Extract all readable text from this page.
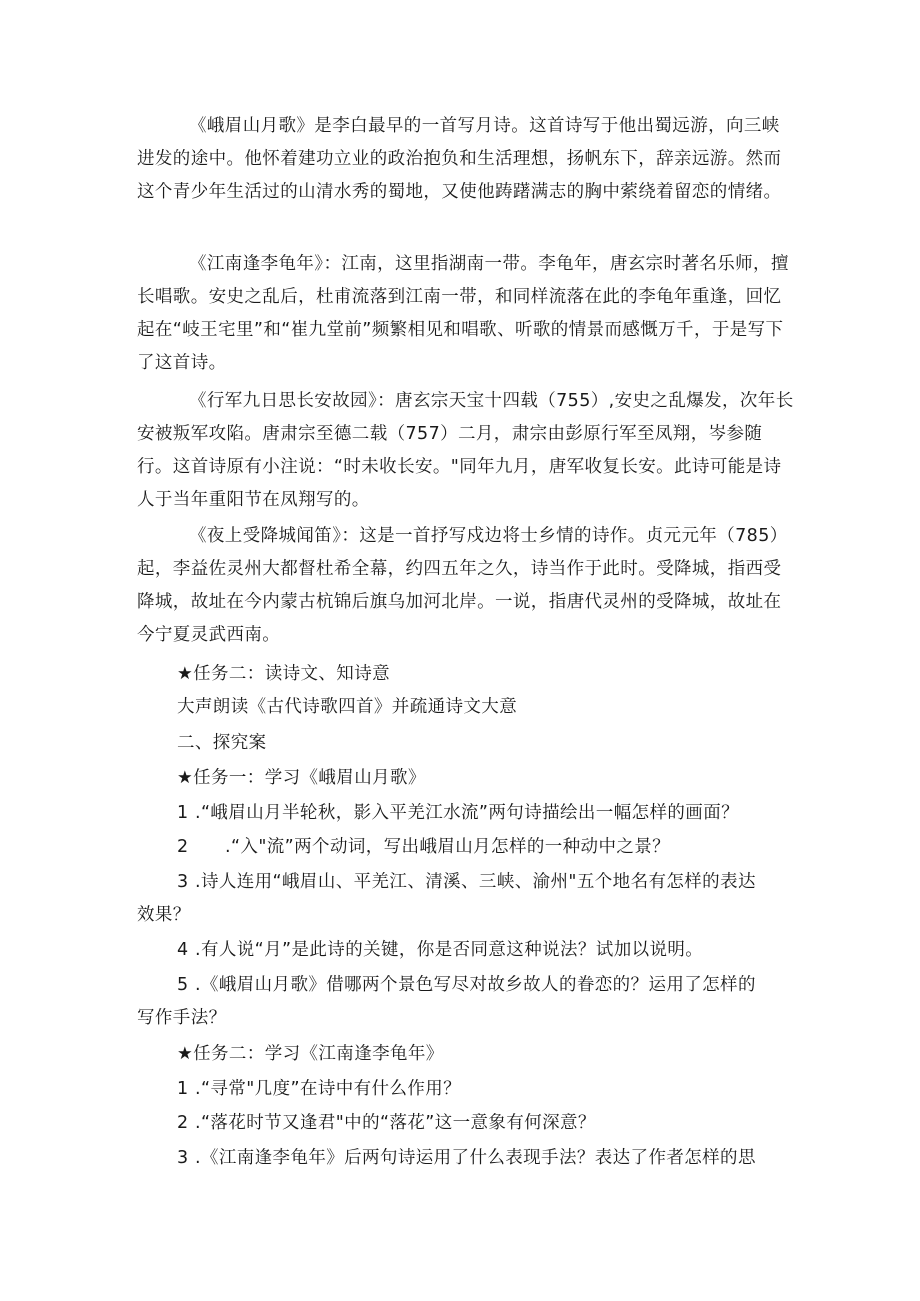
《峨眉山月歌》是李白最早的一首写月诗。这首诗写于他出蜀远游，向三峡进发的途中。他怀着建功立业的政治抱负和生活理想，扬帆东下，辞亲远游。然而这个青少年生活过的山清水秀的蜀地，又使他踌躇满志的胸中萦绕着留恋的情绪。

《江南逢李龟年》：江南，这里指湖南一带。李龟年，唐玄宗时著名乐师，擅长唱歌。安史之乱后，杜甫流落到江南一带，和同样流落在此的李龟年重逢，回忆起在“岐王宅里”和“崔九堂前”频繁相见和唱歌、听歌的情景而感慨万千，于是写下了这首诗。

《行军九日思长安故园》：唐玄宗天宝十四载（755）,安史之乱爆发，次年长安被叛军攻陷。唐肃宗至德二载（757）二月，肃宗由彭原行军至凤翔，岑参随行。这首诗原有小注说：“时未收长安。"同年九月，唐军收复长安。此诗可能是诗人于当年重阳节在凤翔写的。

《夜上受降城闻笛》：这是一首抒写戍边将士乡情的诗作。贞元元年（785）起，李益佐灵州大都督杜希全幕，约四五年之久，诗当作于此时。受降城，指西受降城，故址在今内蒙古杭锦后旗乌加河北岸。一说，指唐代灵州的受降城，故址在今宁夏灵武西南。

★任务二：读诗文、知诗意

大声朗读《古代诗歌四首》并疏通诗文大意

二、探究案

★任务一：学习《峨眉山月歌》

1 .“峨眉山月半轮秋，影入平羌江水流”两句诗描绘出一幅怎样的画面？

2 .“入"流”两个动词，写出峨眉山月怎样的一种动中之景？

3 .诗人连用“峨眉山、平羌江、清溪、三峡、渝州"五个地名有怎样的表达

效果？

4 .有人说“月”是此诗的关键，你是否同意这种说法？试加以说明。

5 .《峨眉山月歌》借哪两个景色写尽对故乡故人的眷恋的？运用了怎样的

写作手法？

★任务二：学习《江南逢李龟年》

1 .“寻常"几度”在诗中有什么作用？

2 .“落花时节又逢君"中的“落花”这一意象有何深意？

3 .《江南逢李龟年》后两句诗运用了什么表现手法？表达了作者怎样的思
